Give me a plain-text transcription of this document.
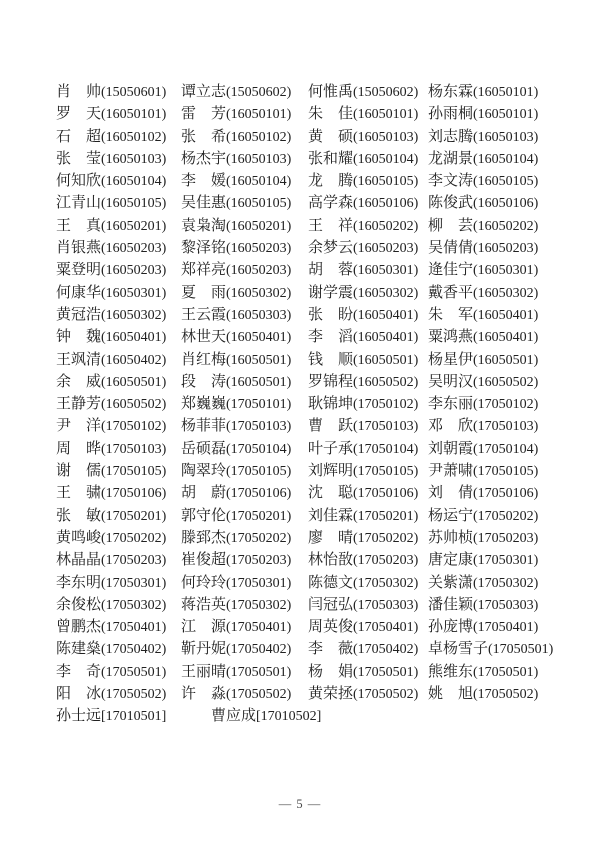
肖　帅(15050601) 谭立志(15050602)	何惟禹(15050602) 杨东霖(16050101)
罗　天(16050101) 雷　芳(16050101)	朱　佳(16050101) 孙雨桐(16050101)
石　超(16050102) 张　希(16050102)	黄　硕(16050103) 刘志腾(16050103)
张　莹(16050103) 杨杰宇(16050103)	张和耀(16050104) 龙湖景(16050104)
何知欣(16050104) 李　媛(16050104)	龙　腾(16050105) 李文涛(16050105)
江青山(16050105) 吴佳惠(16050105)	高学森(16050106) 陈俊武(16050106)
王　真(16050201) 袁枭淘(16050201)	王　祥(16050202) 柳　芸(16050202)
肖银燕(16050203) 黎泽铭(16050203)	余梦云(16050203) 吴倩倩(16050203)
粟登明(16050203) 郑祥亮(16050203)	胡　蓉(16050301) 逄佳宁(16050301)
何康华(16050301) 夏　雨(16050302)	谢学震(16050302) 戴香平(16050302)
黄冠浩(16050302) 王云霞(16050303)	张　盼(16050401) 朱　军(16050401)
钟　魏(16050401) 林世天(16050401)	李　滔(16050401) 粟鸿燕(16050401)
王飒清(16050402) 肖红梅(16050501)	钱　顺(16050501) 杨星伊(16050501)
余　威(16050501) 段　涛(16050501)	罗锦程(16050502) 吴明汉(16050502)
王静芳(16050502) 郑巍巍(17050101)	耿锦坤(17050102) 李东丽(17050102)
尹　洋(17050102) 杨菲菲(17050103)	曹　跃(17050103) 邓　欣(17050103)
周　晔(17050103) 岳硕磊(17050104)	叶子承(17050104) 刘朝霞(17050104)
谢　儒(17050105) 陶翠玲(17050105)	刘辉明(17050105) 尹萧啸(17050105)
王　骕(17050106) 胡　蔚(17050106)	沈　聪(17050106) 刘　倩(17050106)
张　敏(17050201) 郭守伦(17050201)	刘佳霖(17050201) 杨运宁(17050202)
黄鸣峻(17050202) 滕郅杰(17050202)	廖　晴(17050202) 苏帅桢(17050203)
林晶晶(17050203) 崔俊超(17050203)	林怡敔(17050203) 唐定康(17050301)
李东明(17050301) 何玲玲(17050301)	陈德文(17050302) 关紫潇(17050302)
余俊松(17050302) 蒋浩英(17050302)	闫冠弘(17050303) 潘佳颖(17050303)
曾鹏杰(17050401) 江　源(17050401)	周英俊(17050401) 孙庞博(17050401)
陈建燊(17050402) 靳丹妮(17050402)	李　薇(17050402) 卓杨雪子(17050501)
李　奇(17050501) 王丽晴(17050501)	杨　娟(17050501) 熊维东(17050501)
阳　冰(17050502) 许　淼(17050502)	黄荣拯(17050502) 姚　旭(17050502)
孙士远[17010501]	曹应成[17010502]
— 5 —
